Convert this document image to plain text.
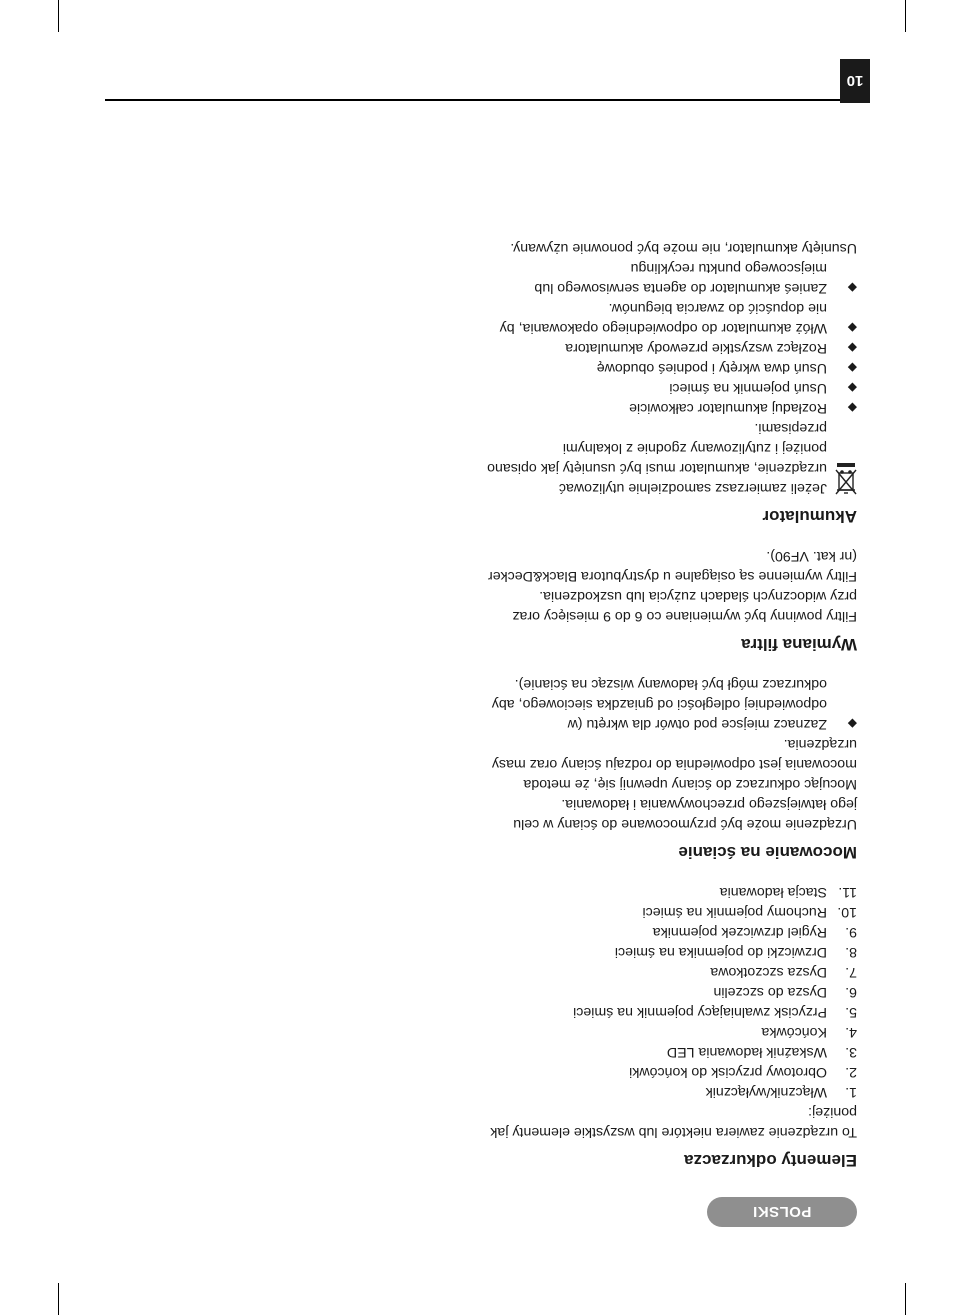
POLSKI
10
Elementy odkurzacza

To urządzenie zawiera niektóre lub wszystkie elementy jak poniżej:

1.
Włącznik/wyłącznik
2.
Obrotowy przycisk do końcówki
3.
Wskaźnik ładowania LED
4.
Końcówka
5.
Przycisk zwalniający pojemnik na śmieci
6.
Dysza do szczelin
7.
Dysza szczotkowa
8.
Drzwiczki do pojemnika na śmieci
9.
Rygiel drzwiczek pojemnika
10.
Ruchomy pojemnik na śmieci
11.
Stacja ładowania
Mocowanie na ścianie

Urządzenie może być przymocowane do ściany w celu jego łatwiejszego przechowywania i ładowania.

Mocując odkurzacz do ściany upewnij się, że metoda mocowania jest odpowiednia do rodzaju ściany oraz masy urządzenia.

◆
Zaznacz miejsce pod otwór dla wkrętu (w odpowiedniej odległości od gniazdka sieciowego, aby odkurzacz mógł być ładowany wisząc na ścianie).
Wymiana filtra

Filtry powinny być wymieniane co 6 do 9 miesięcy oraz przy widocznych śladach zużycia lub uszkodzenia.

Filtry wymienne są osiągalne u dystrybutora Black&Decker (nr kat. VF90).

Akumulator
Jeżeli zamierzasz samodzielnie utylizować urządzenie, akumulator musi być usunięty jak opisano poniżej i zutylizowany zgodnie z lokalnymi przepisami.
◆
Rozładuj akumulator całkowicie
◆
Usuń pojemnik na śmieci
◆
Usuń dwa wkręty i podnieś obudowę
◆
Rozłącz wszystkie przewody akumulatora
◆
Włóż akumulator do odpowiedniego opakowania, by nie dopuścić do zwarcia biegunów.
◆
Zanieś akumulator do agenta serwisowego lub miejscowego punktu recyklingu

Usunięty akumulator, nie może być ponownie używany.
